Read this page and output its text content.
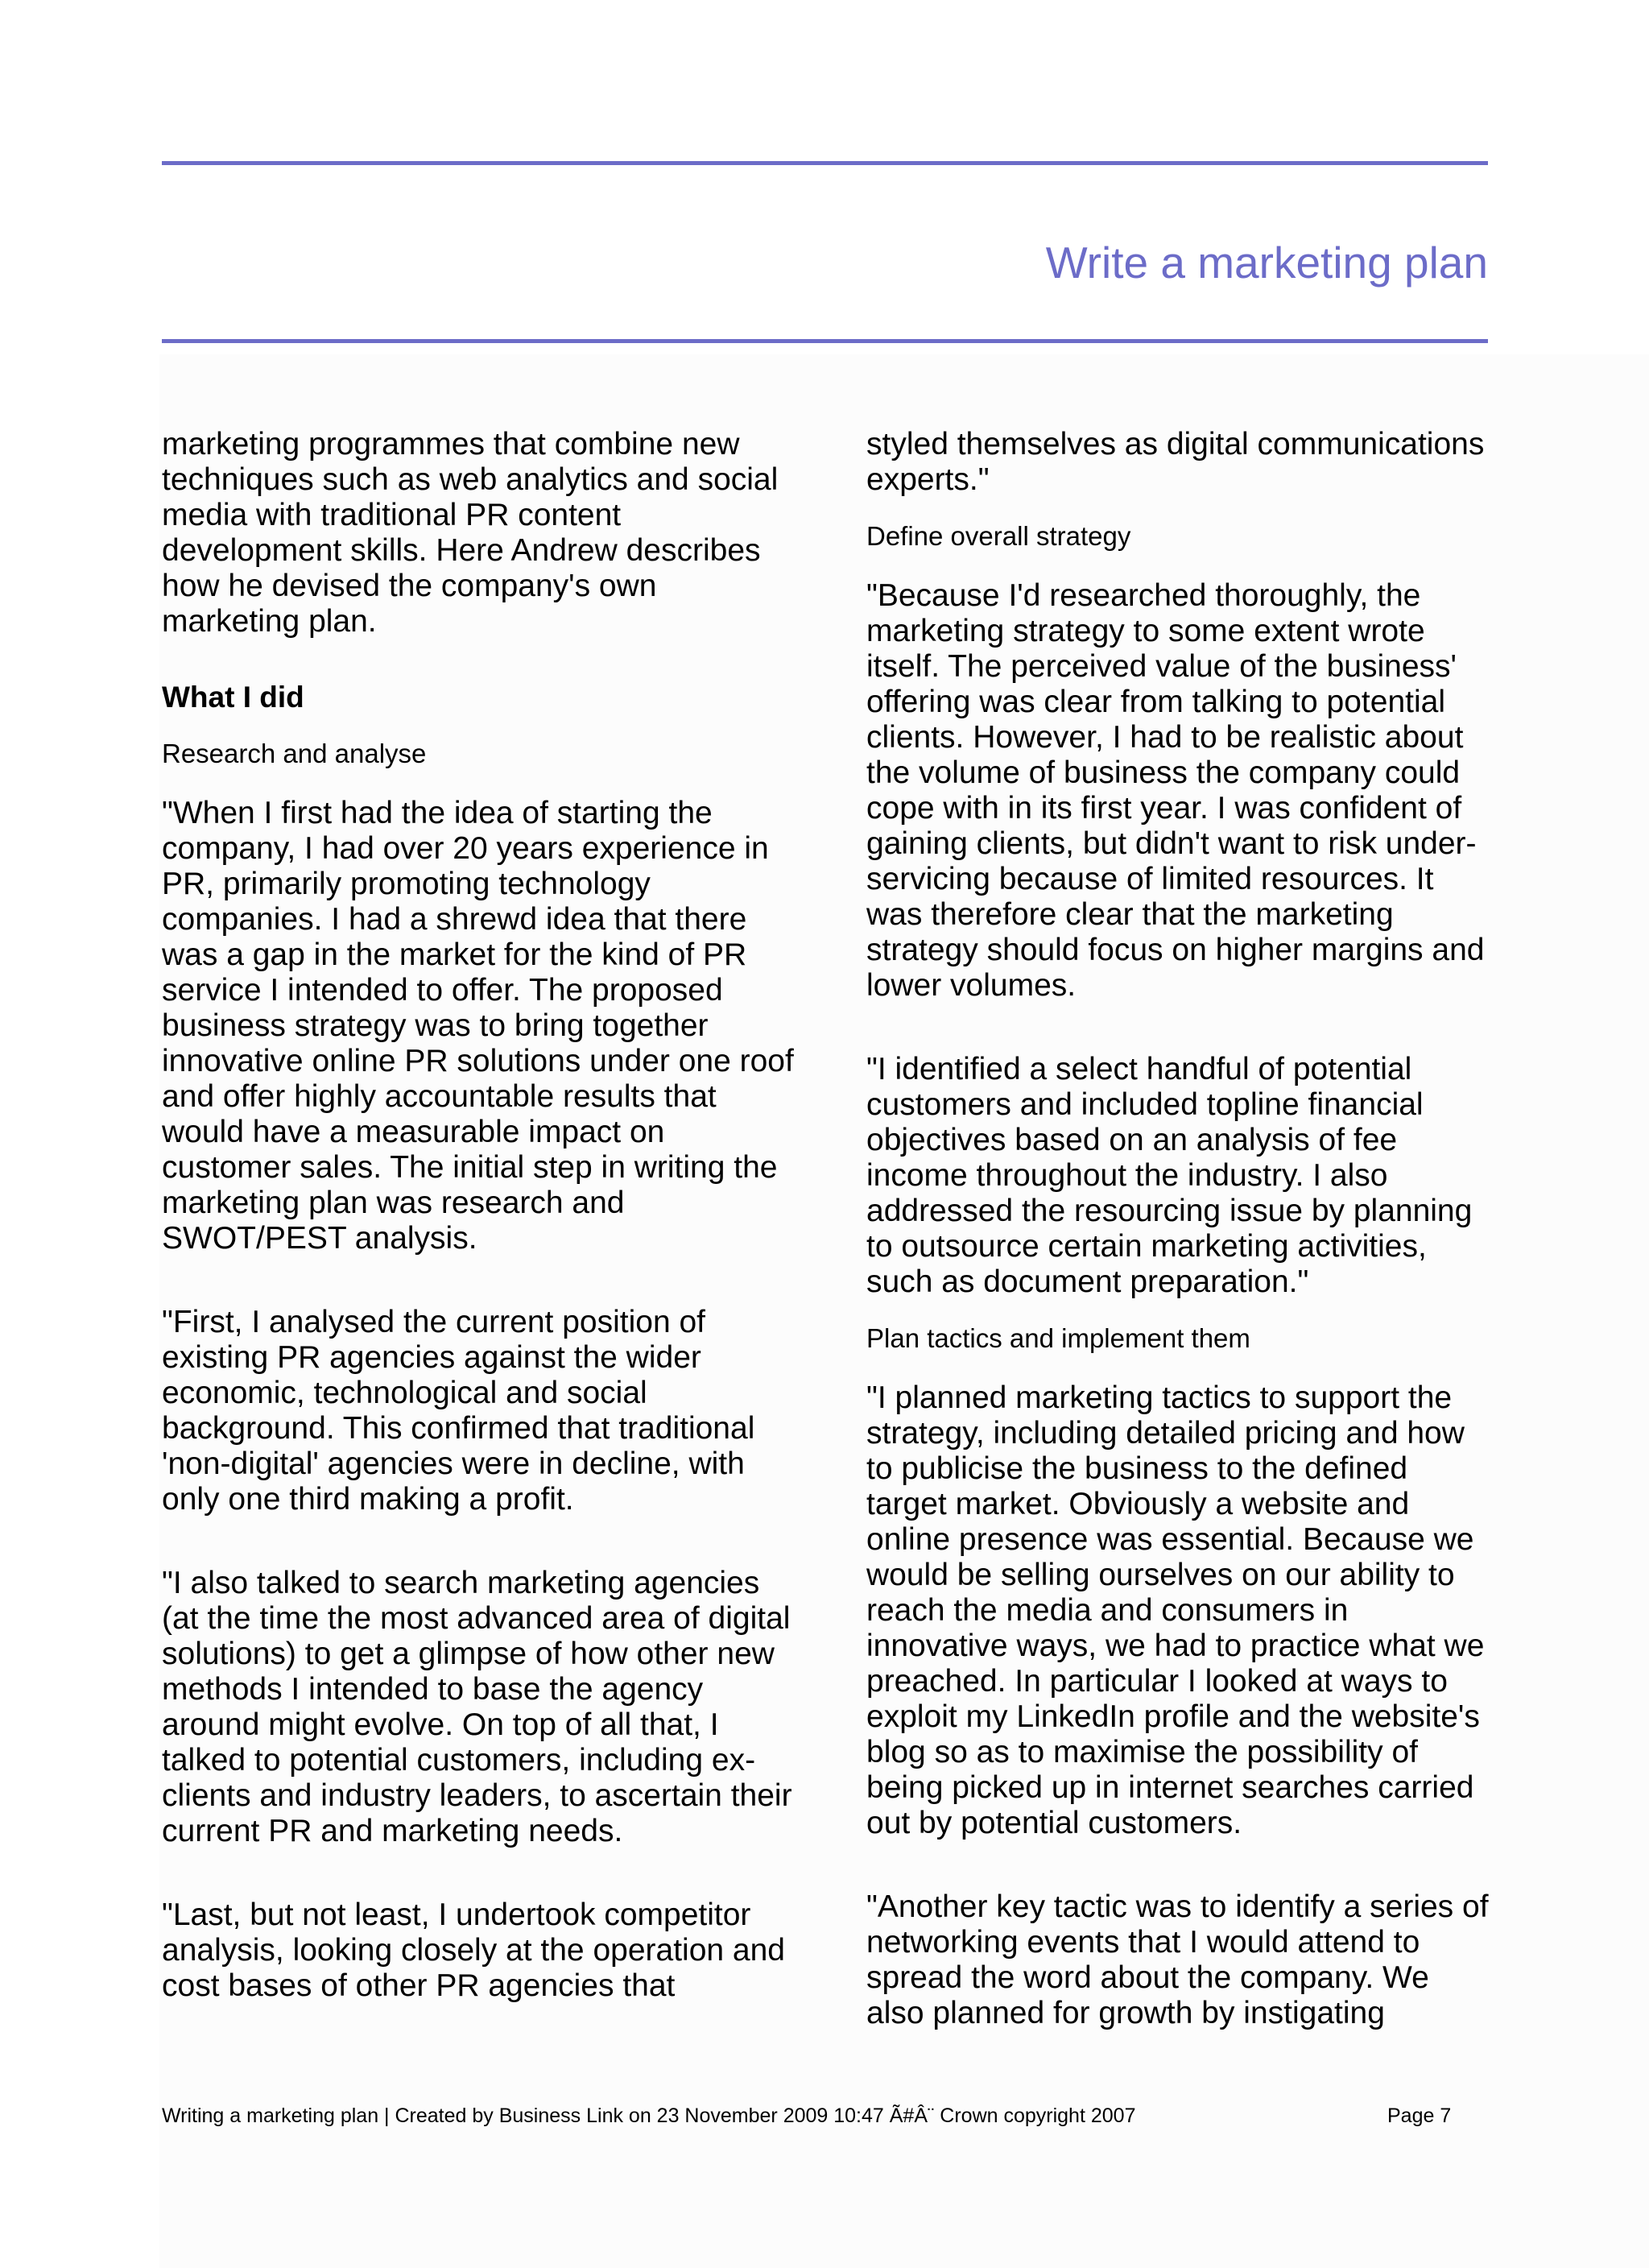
Write a marketing plan

marketing programmes that combine new techniques such as web analytics and social media with traditional PR content development skills. Here Andrew describes how he devised the company's own marketing plan.

What I did
Research and analyse

"When I first had the idea of starting the company, I had over 20 years experience in PR, primarily promoting technology companies. I had a shrewd idea that there was a gap in the market for the kind of PR service I intended to offer. The proposed business strategy was to bring together innovative online PR solutions under one roof and offer highly accountable results that would have a measurable impact on customer sales. The initial step in writing the marketing plan was research and SWOT/PEST analysis.

"First, I analysed the current position of existing PR agencies against the wider economic, technological and social background. This confirmed that traditional 'non-digital' agencies were in decline, with only one third making a profit.

"I also talked to search marketing agencies (at the time the most advanced area of digital solutions) to get a glimpse of how other new methods I intended to base the agency around might evolve. On top of all that, I talked to potential customers, including ex-clients and industry leaders, to ascertain their current PR and marketing needs.

"Last, but not least, I undertook competitor analysis, looking closely at the operation and cost bases of other PR agencies that

styled themselves as digital communications experts."

Define overall strategy

"Because I'd researched thoroughly, the marketing strategy to some extent wrote itself. The perceived value of the business' offering was clear from talking to potential clients. However, I had to be realistic about the volume of business the company could cope with in its first year. I was confident of gaining clients, but didn't want to risk under-servicing because of limited resources. It was therefore clear that the marketing strategy should focus on higher margins and lower volumes.

"I identified a select handful of potential customers and included topline financial objectives based on an analysis of fee income throughout the industry. I also addressed the resourcing issue by planning to outsource certain marketing activities, such as document preparation."

Plan tactics and implement them

"I planned marketing tactics to support the strategy, including detailed pricing and how to publicise the business to the defined target market. Obviously a website and online presence was essential. Because we would be selling ourselves on our ability to reach the media and consumers in innovative ways, we had to practice what we preached. In particular I looked at ways to exploit my LinkedIn profile and the website's blog so as to maximise the possibility of being picked up in internet searches carried out by potential customers.

"Another key tactic was to identify a series of networking events that I would attend to spread the word about the company. We also planned for growth by instigating

Writing a marketing plan | Created by Business Link on 23 November 2009 10:47 Ã#Â¨ Crown copyright 2007	Page 7
